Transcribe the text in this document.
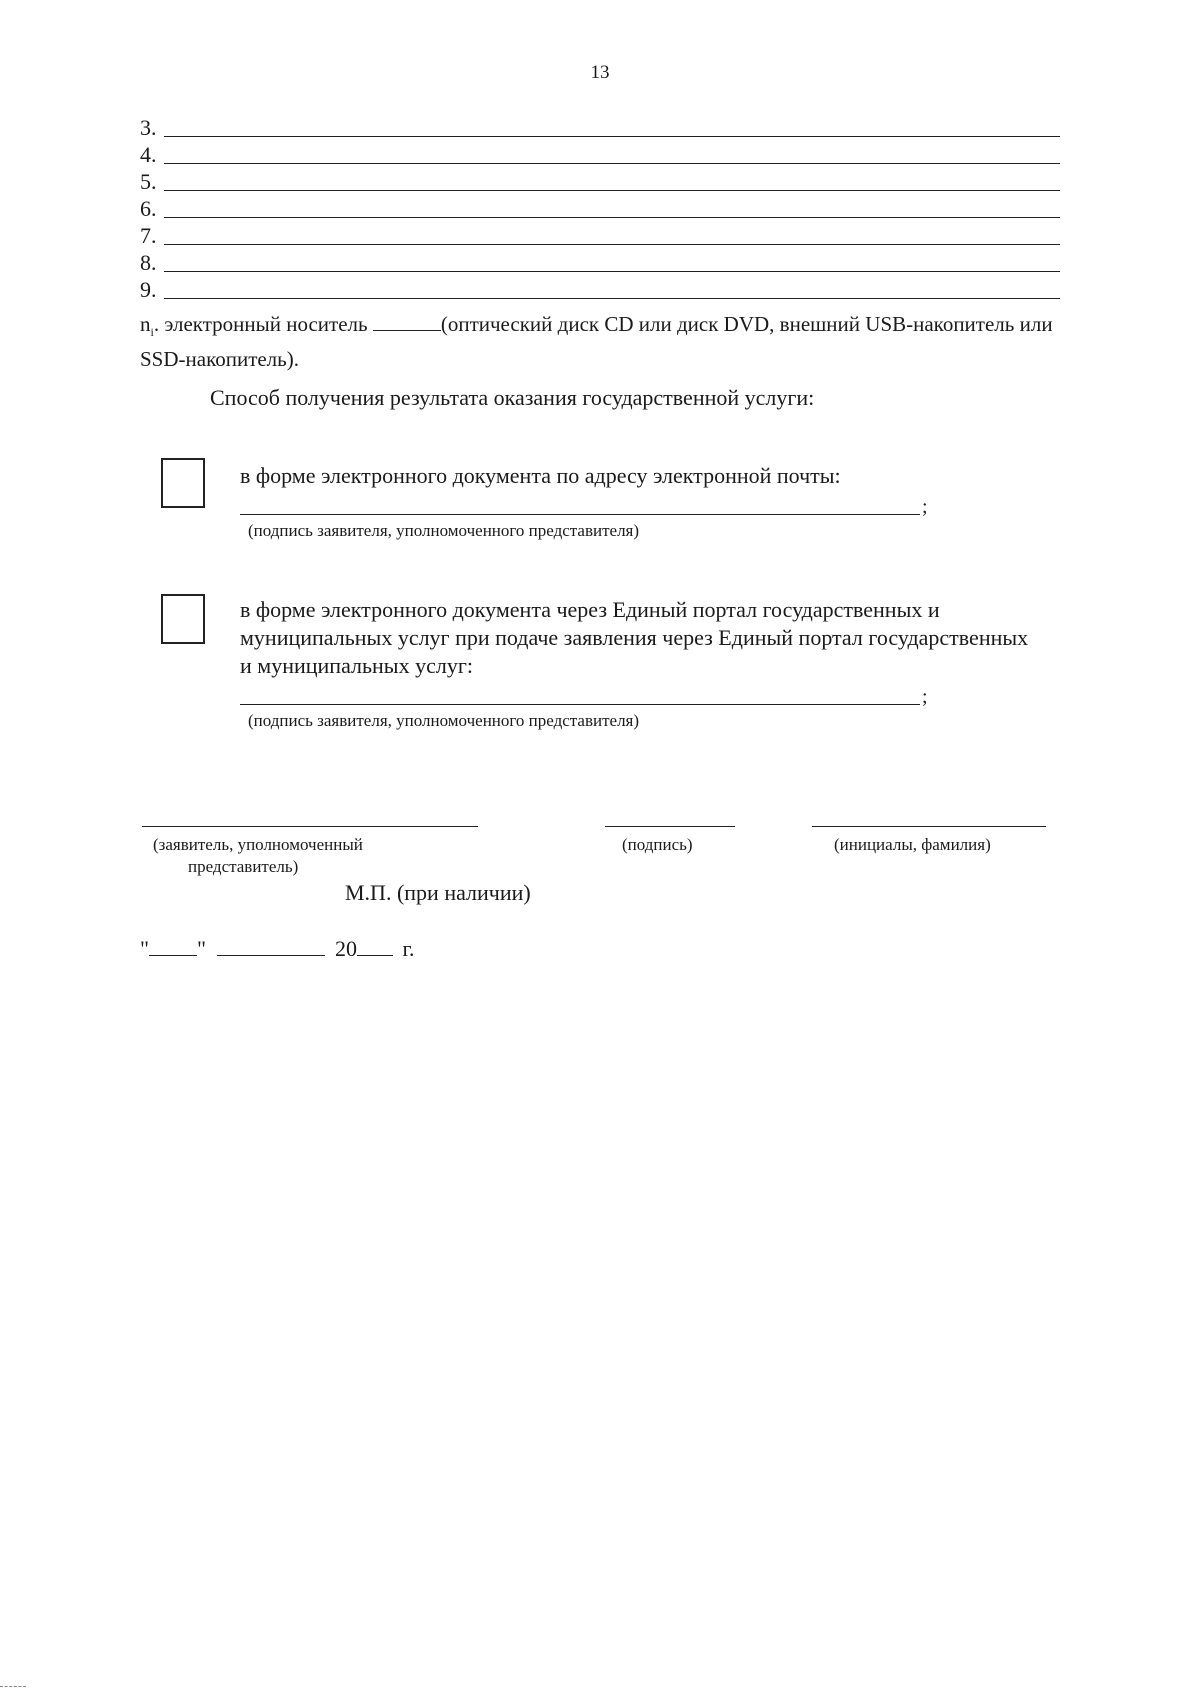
13
3.
4.
5.
6.
7.
8.
9.
$n_i$. электронный носитель	(оптический диск CD или диск DVD, внешний USB-накопитель или SSD-накопитель).
Способ получения результата оказания государственной услуги:
в форме электронного документа по адресу электронной почты:
;
(подпись заявителя, уполномоченного представителя)
в форме электронного документа через Единый портал государственных и муниципальных услуг при подаче заявления через Единый портал государственных и муниципальных услуг:
;
(подпись заявителя, уполномоченного представителя)
(заявитель, уполномоченный
представитель)
(подпись)	(инициалы, фамилия)
М.П. (при наличии)
" "	20 г.
